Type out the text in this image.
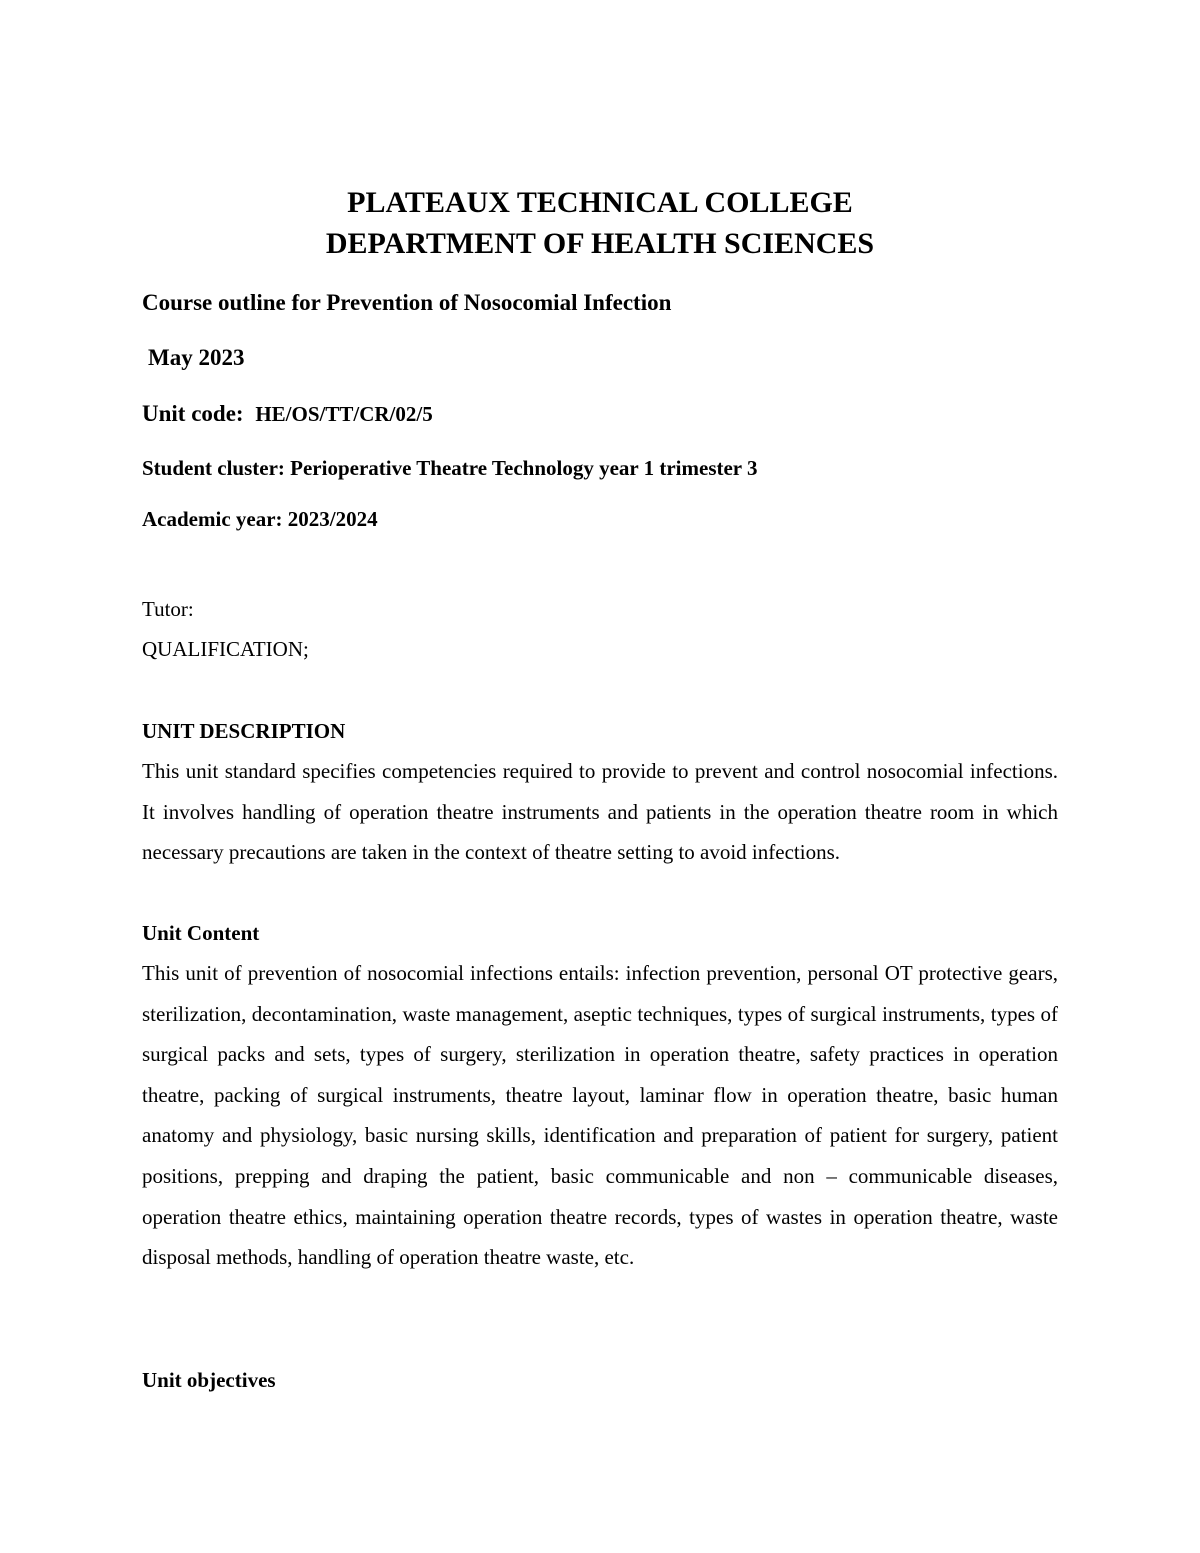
PLATEAUX TECHNICAL COLLEGE
DEPARTMENT OF HEALTH SCIENCES
Course outline for Prevention of Nosocomial Infection
May 2023
Unit code: HE/OS/TT/CR/02/5
Student cluster: Perioperative Theatre Technology year 1 trimester 3
Academic year: 2023/2024
Tutor:
QUALIFICATION;
UNIT DESCRIPTION

This unit standard specifies competencies required to provide to prevent and control nosocomial infections. It involves handling of operation theatre instruments and patients in the operation theatre room in which necessary precautions are taken in the context of theatre setting to avoid infections.

Unit Content

This unit of prevention of nosocomial infections entails: infection prevention, personal OT protective gears, sterilization, decontamination, waste management, aseptic techniques, types of surgical instruments, types of surgical packs and sets, types of surgery, sterilization in operation theatre, safety practices in operation theatre, packing of surgical instruments, theatre layout, laminar flow in operation theatre, basic human anatomy and physiology, basic nursing skills, identification and preparation of patient for surgery, patient positions, prepping and draping the patient, basic communicable and non – communicable diseases, operation theatre ethics, maintaining operation theatre records, types of wastes in operation theatre, waste disposal methods, handling of operation theatre waste, etc.

Unit objectives
